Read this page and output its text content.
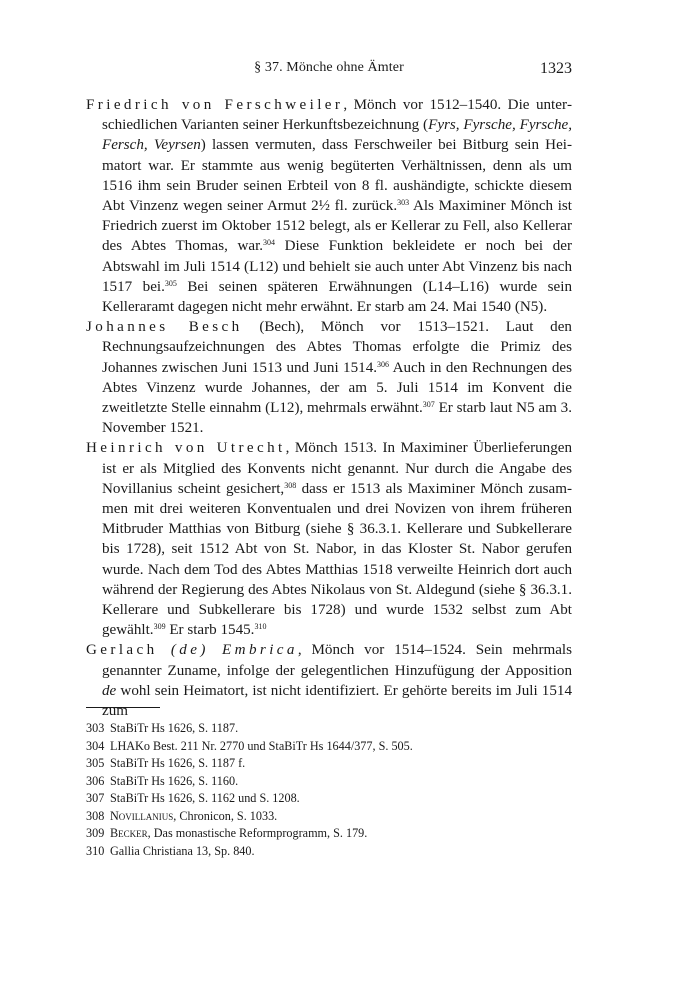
§ 37. Mönche ohne Ämter	1323

Friedrich von Ferschweiler, Mönch vor 1512–1540. Die unterschiedlichen Varianten seiner Herkunftsbezeichnung (Fyrs, Fyrsche, Fyrsche, Fersch, Veyrsen) lassen vermuten, dass Ferschweiler bei Bitburg sein Heimatort war. Er stammte aus wenig begüterten Verhältnissen, denn als um 1516 ihm sein Bruder seinen Erbteil von 8 fl. aushändigte, schickte diesem Abt Vinzenz wegen seiner Armut 2½ fl. zurück.$^{303}$ Als Maximiner Mönch ist Friedrich zuerst im Oktober 1512 belegt, als er Kellerar zu Fell, also Kellerar des Abtes Thomas, war.$^{304}$ Diese Funktion bekleidete er noch bei der Abtswahl im Juli 1514 (L12) und behielt sie auch unter Abt Vinzenz bis nach 1517 bei.$^{305}$ Bei seinen späteren Erwähnungen (L14–L16) wurde sein Kelleraramt dagegen nicht mehr erwähnt. Er starb am 24. Mai 1540 (N5).

Johannes Besch (Bech), Mönch vor 1513–1521. Laut den Rechnungsaufzeichnungen des Abtes Thomas erfolgte die Primiz des Johannes zwischen Juni 1513 und Juni 1514.$^{306}$ Auch in den Rechnungen des Abtes Vinzenz wurde Johannes, der am 5. Juli 1514 im Konvent die zweitletzte Stelle einnahm (L12), mehrmals erwähnt.$^{307}$ Er starb laut N5 am 3. November 1521.

Heinrich von Utrecht, Mönch 1513. In Maximiner Überlieferungen ist er als Mitglied des Konvents nicht genannt. Nur durch die Angabe des Novillanius scheint gesichert,$^{308}$ dass er 1513 als Maximiner Mönch zusammen mit drei weiteren Konventualen und drei Novizen von ihrem früheren Mitbruder Matthias von Bitburg (siehe § 36.3.1. Kellerare und Subkellerare bis 1728), seit 1512 Abt von St. Nabor, in das Kloster St. Nabor gerufen wurde. Nach dem Tod des Abtes Matthias 1518 verweilte Heinrich dort auch während der Regierung des Abtes Nikolaus von St. Aldegund (siehe § 36.3.1. Kellerare und Subkellerare bis 1728) und wurde 1532 selbst zum Abt gewählt.$^{309}$ Er starb 1545.$^{310}$

Gerlach (de) Embrica, Mönch vor 1514–1524. Sein mehrmals genannter Zuname, infolge der gelegentlichen Hinzufügung der Apposition de wohl sein Heimatort, ist nicht identifiziert. Er gehörte bereits im Juli 1514 zum

303 StaBiTr Hs 1626, S. 1187.
304 LHAKo Best. 211 Nr. 2770 und StaBiTr Hs 1644/377, S. 505.
305 StaBiTr Hs 1626, S. 1187 f.
306 StaBiTr Hs 1626, S. 1160.
307 StaBiTr Hs 1626, S. 1162 und S. 1208.
308 Novillanius, Chronicon, S. 1033.
309 Becker, Das monastische Reformprogramm, S. 179.
310 Gallia Christiana 13, Sp. 840.
